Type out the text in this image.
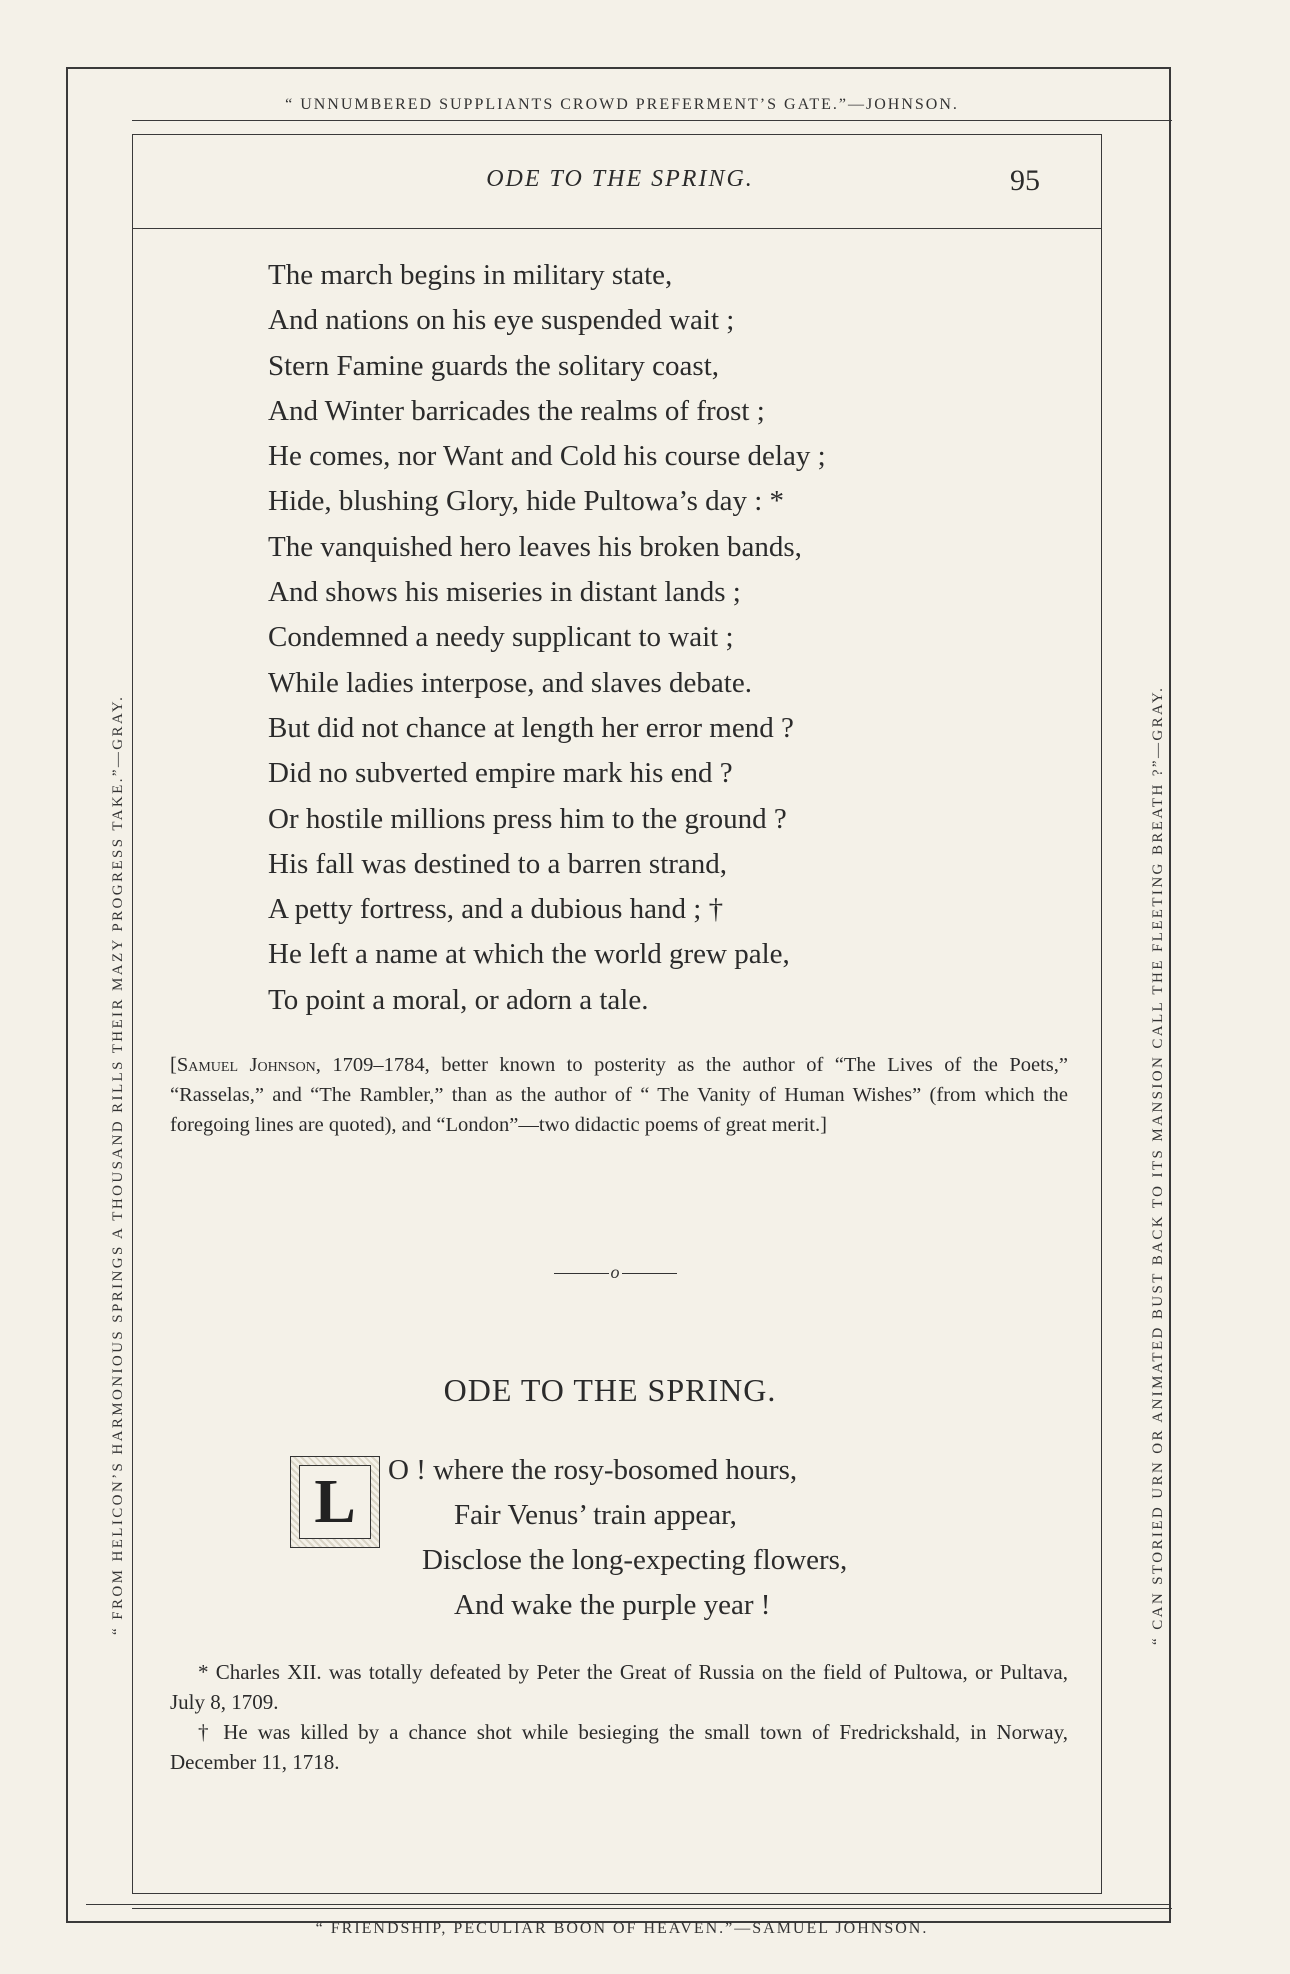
“ UNNUMBERED SUPPLIANTS CROWD PREFERMENT’S GATE.”—JOHNSON.
“ FRIENDSHIP, PECULIAR BOON OF HEAVEN.”—SAMUEL JOHNSON.
“ FROM HELICON’S HARMONIOUS SPRINGS A THOUSAND RILLS THEIR MAZY PROGRESS TAKE.”—GRAY.	“ CAN STORIED URN OR ANIMATED BUST BACK TO ITS MANSION CALL THE FLEETING BREATH ?”—GRAY.
ODE TO THE SPRING.	95
The march begins in military state,
And nations on his eye suspended wait ;
Stern Famine guards the solitary coast,
And Winter barricades the realms of frost ;
He comes, nor Want and Cold his course delay ;
Hide, blushing Glory, hide Pultowa’s day : *
The vanquished hero leaves his broken bands,
And shows his miseries in distant lands ;
Condemned a needy supplicant to wait ;
While ladies interpose, and slaves debate.
But did not chance at length her error mend ?
Did no subverted empire mark his end ?
Or hostile millions press him to the ground ?
His fall was destined to a barren strand,
A petty fortress, and a dubious hand ; †
He left a name at which the world grew pale,
To point a moral, or adorn a tale.
[Samuel Johnson, 1709–1784, better known to posterity as the author of “The Lives of the Poets,” “Rasselas,” and “The Rambler,” than as the author of “ The Vanity of Human Wishes” (from which the foregoing lines are quoted), and “London”—two didactic poems of great merit.]
o
ODE TO THE SPRING.
L	O ! where the rosy-bosomed hours,
Fair Venus’ train appear,
Disclose the long-expecting flowers,
And wake the purple year !

* Charles XII. was totally defeated by Peter the Great of Russia on the field of Pultowa, or Pultava, July 8, 1709.

† He was killed by a chance shot while besieging the small town of Fredrickshald, in Norway, December 11, 1718.
